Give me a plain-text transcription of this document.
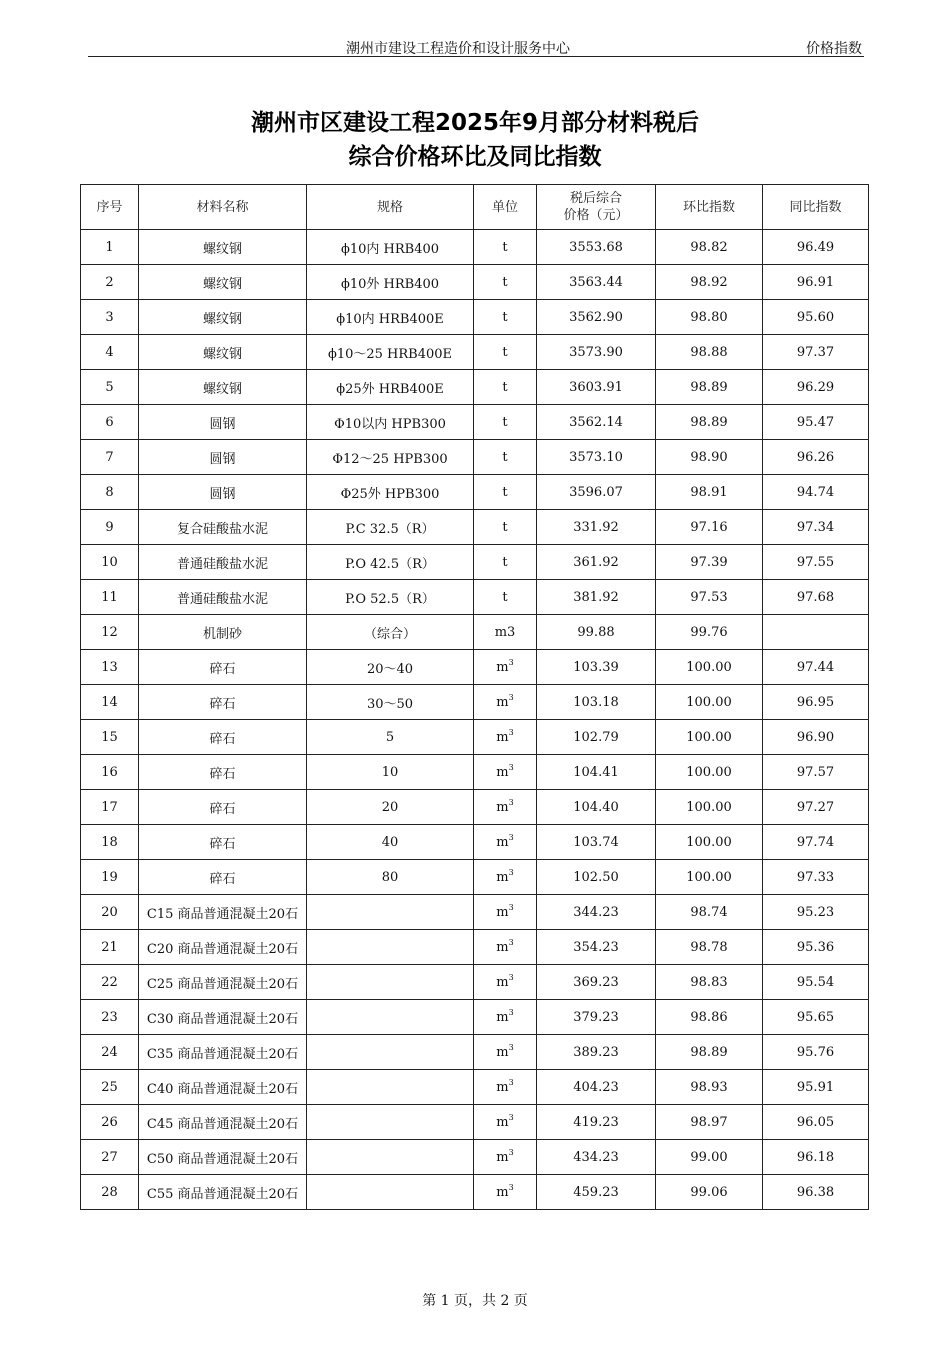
潮州市建设工程造价和设计服务中心	价格指数
潮州市区建设工程2025年9月部分材料税后
综合价格环比及同比指数
序号	材料名称	规格	单位	税后综合
价格（元）	环比指数	同比指数
1	螺纹钢	ϕ10内 HRB400	t	3553.68	98.82	96.49
2	螺纹钢	ϕ10外 HRB400	t	3563.44	98.92	96.91
3	螺纹钢	ϕ10内 HRB400E	t	3562.90	98.80	95.60
4	螺纹钢	ϕ10～25 HRB400E	t	3573.90	98.88	97.37
5	螺纹钢	ϕ25外 HRB400E	t	3603.91	98.89	96.29
6	圆钢	Φ10以内 HPB300	t	3562.14	98.89	95.47
7	圆钢	Φ12～25 HPB300	t	3573.10	98.90	96.26
8	圆钢	Φ25外 HPB300	t	3596.07	98.91	94.74
9	复合硅酸盐水泥	P.C 32.5（R）	t	331.92	97.16	97.34
10	普通硅酸盐水泥	P.O 42.5（R）	t	361.92	97.39	97.55
11	普通硅酸盐水泥	P.O 52.5（R）	t	381.92	97.53	97.68
12	机制砂	（综合）	m3	99.88	99.76	
13	碎石	20～40	$m^3$	103.39	100.00	97.44
14	碎石	30～50	$m^3$	103.18	100.00	96.95
15	碎石	5	$m^3$	102.79	100.00	96.90
16	碎石	10	$m^3$	104.41	100.00	97.57
17	碎石	20	$m^3$	104.40	100.00	97.27
18	碎石	40	$m^3$	103.74	100.00	97.74
19	碎石	80	$m^3$	102.50	100.00	97.33
20	C15 商品普通混凝土20石		$m^3$	344.23	98.74	95.23
21	C20 商品普通混凝土20石		$m^3$	354.23	98.78	95.36
22	C25 商品普通混凝土20石		$m^3$	369.23	98.83	95.54
23	C30 商品普通混凝土20石		$m^3$	379.23	98.86	95.65
24	C35 商品普通混凝土20石		$m^3$	389.23	98.89	95.76
25	C40 商品普通混凝土20石		$m^3$	404.23	98.93	95.91
26	C45 商品普通混凝土20石		$m^3$	419.23	98.97	96.05
27	C50 商品普通混凝土20石		$m^3$	434.23	99.00	96.18
28	C55 商品普通混凝土20石		$m^3$	459.23	99.06	96.38
第 1 页，共 2 页
